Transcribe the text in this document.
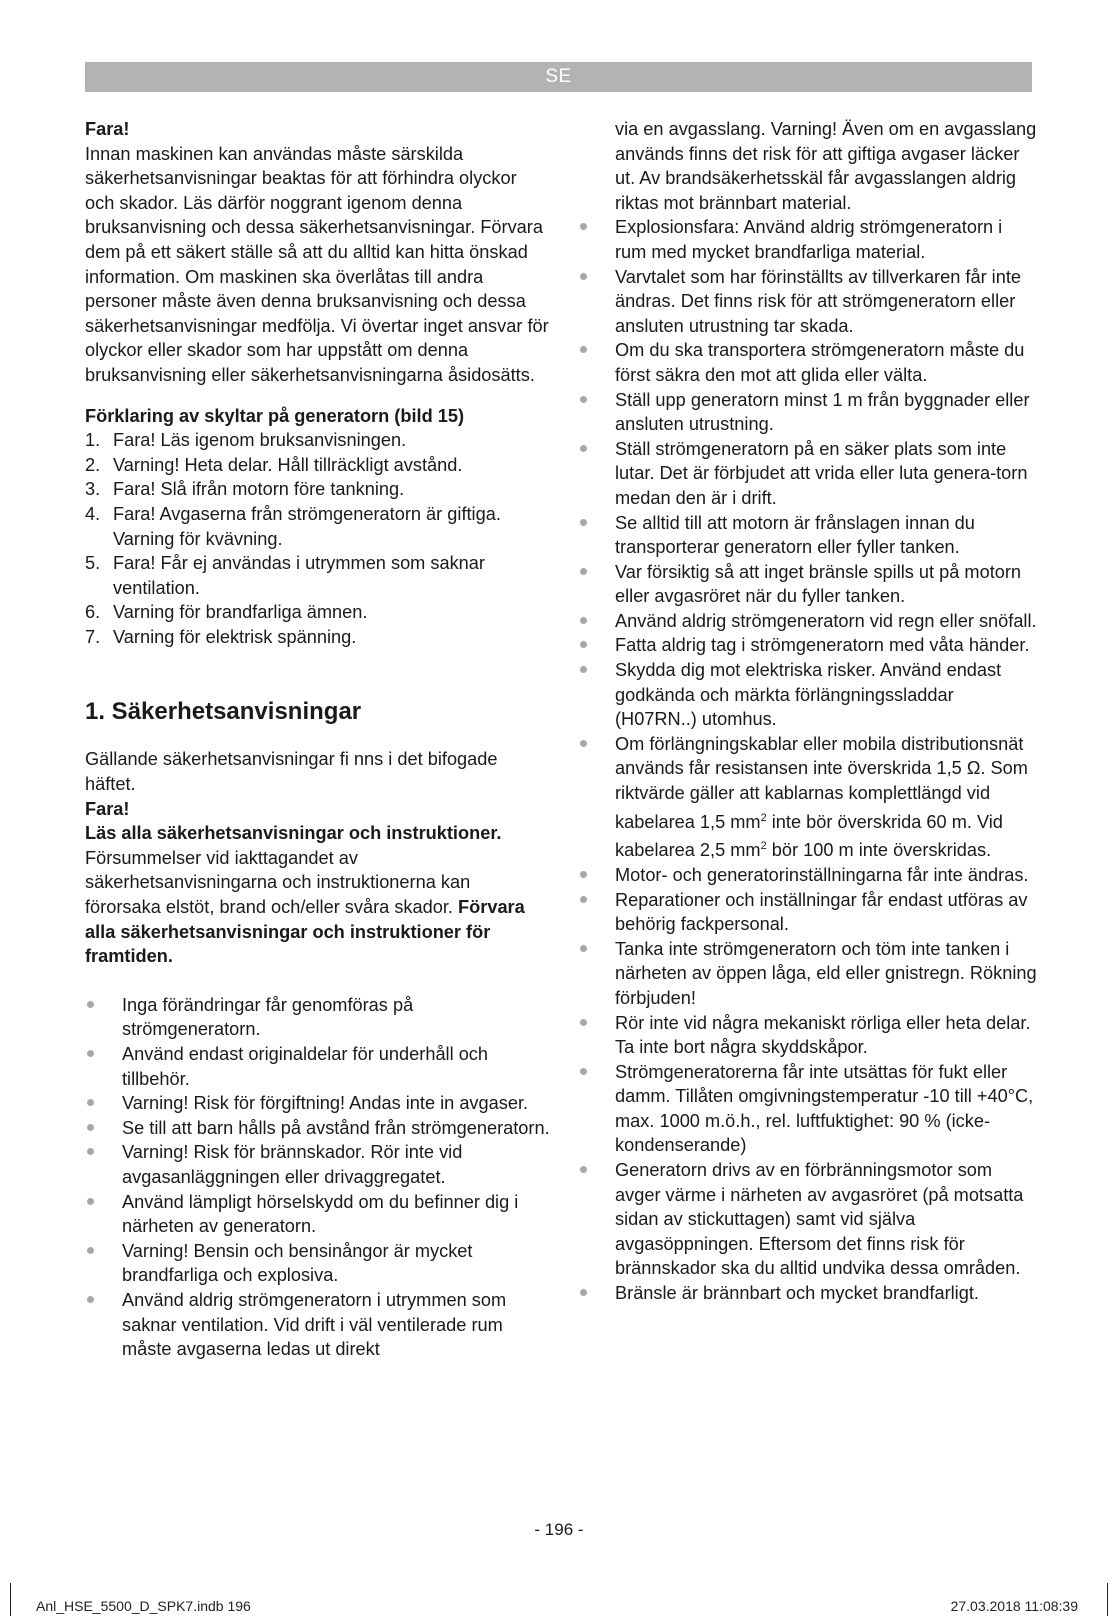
SE

Fara!

Innan maskinen kan användas måste särskilda säkerhetsanvisningar beaktas för att förhindra olyckor och skador. Läs därför noggrant igenom denna bruksanvisning och dessa säkerhetsanvisningar. Förvara dem på ett säkert ställe så att du alltid kan hitta önskad information. Om maskinen ska överlåtas till andra personer måste även denna bruksanvisning och dessa säkerhetsanvisningar medfölja. Vi övertar inget ansvar för olyckor eller skador som har uppstått om denna bruksanvisning eller säkerhetsanvisningarna åsidosätts.

Förklaring av skyltar på generatorn (bild 15)

1. Fara! Läs igenom bruksanvisningen.
2. Varning! Heta delar. Håll tillräckligt avstånd.
3. Fara! Slå ifrån motorn före tankning.
4. Fara! Avgaserna från strömgeneratorn är giftiga. Varning för kvävning.
5. Fara! Får ej användas i utrymmen som saknar ventilation.
6. Varning för brandfarliga ämnen.
7. Varning för elektrisk spänning.
1. Säkerhetsanvisningar

Gällande säkerhetsanvisningar fi nns i det bifogade häftet.

Fara!

Läs alla säkerhetsanvisningar och instruktioner. Försummelser vid iakttagandet av säkerhetsanvisningarna och instruktionerna kan förorsaka elstöt, brand och/eller svåra skador. Förvara alla säkerhetsanvisningar och instruktioner för framtiden.

Inga förändringar får genomföras på strömgeneratorn.
Använd endast originaldelar för underhåll och tillbehör.
Varning! Risk för förgiftning! Andas inte in avgaser.
Se till att barn hålls på avstånd från strömgeneratorn.
Varning! Risk för brännskador. Rör inte vid avgasanläggningen eller drivaggregatet.
Använd lämpligt hörselskydd om du befinner dig i närheten av generatorn.
Varning! Bensin och bensinångor är mycket brandfarliga och explosiva.
Använd aldrig strömgeneratorn i utrymmen som saknar ventilation. Vid drift i väl ventilerade rum måste avgaserna ledas ut direkt

via en avgasslang. Varning! Även om en avgasslang används finns det risk för att giftiga avgaser läcker ut. Av brandsäkerhetsskäl får avgasslangen aldrig riktas mot brännbart material.

Explosionsfara: Använd aldrig strömgeneratorn i rum med mycket brandfarliga material.
Varvtalet som har förinställts av tillverkaren får inte ändras. Det finns risk för att strömgeneratorn eller ansluten utrustning tar skada.
Om du ska transportera strömgeneratorn måste du först säkra den mot att glida eller välta.
Ställ upp generatorn minst 1 m från byggnader eller ansluten utrustning.
Ställ strömgeneratorn på en säker plats som inte lutar. Det är förbjudet att vrida eller luta genera-torn medan den är i drift.
Se alltid till att motorn är frånslagen innan du transporterar generatorn eller fyller tanken.
Var försiktig så att inget bränsle spills ut på motorn eller avgasröret när du fyller tanken.
Använd aldrig strömgeneratorn vid regn eller snöfall.
Fatta aldrig tag i strömgeneratorn med våta händer.
Skydda dig mot elektriska risker. Använd endast godkända och märkta förlängningssladdar (H07RN..) utomhus.
Om förlängningskablar eller mobila distributionsnät används får resistansen inte överskrida 1,5 Ω. Som riktvärde gäller att kablarnas komplettlängd vid kabelarea 1,5 $mm^2$ inte bör överskrida 60 m. Vid kabelarea 2,5 $mm^2$ bör 100 m inte överskridas.
Motor- och generatorinställningarna får inte ändras.
Reparationer och inställningar får endast utföras av behörig fackpersonal.
Tanka inte strömgeneratorn och töm inte tanken i närheten av öppen låga, eld eller gnistregn. Rökning förbjuden!
Rör inte vid några mekaniskt rörliga eller heta delar. Ta inte bort några skyddskåpor.
Strömgeneratorerna får inte utsättas för fukt eller damm. Tillåten omgivningstemperatur -10 till +40°C, max. 1000 m.ö.h., rel. luftfuktighet: 90 % (icke-kondenserande)
Generatorn drivs av en förbränningsmotor som avger värme i närheten av avgasröret (på motsatta sidan av stickuttagen) samt vid själva avgasöppningen. Eftersom det finns risk för brännskador ska du alltid undvika dessa områden.
Bränsle är brännbart och mycket brandfarligt.
- 196 -
Anl_HSE_5500_D_SPK7.indb 196	27.03.2018 11:08:39
